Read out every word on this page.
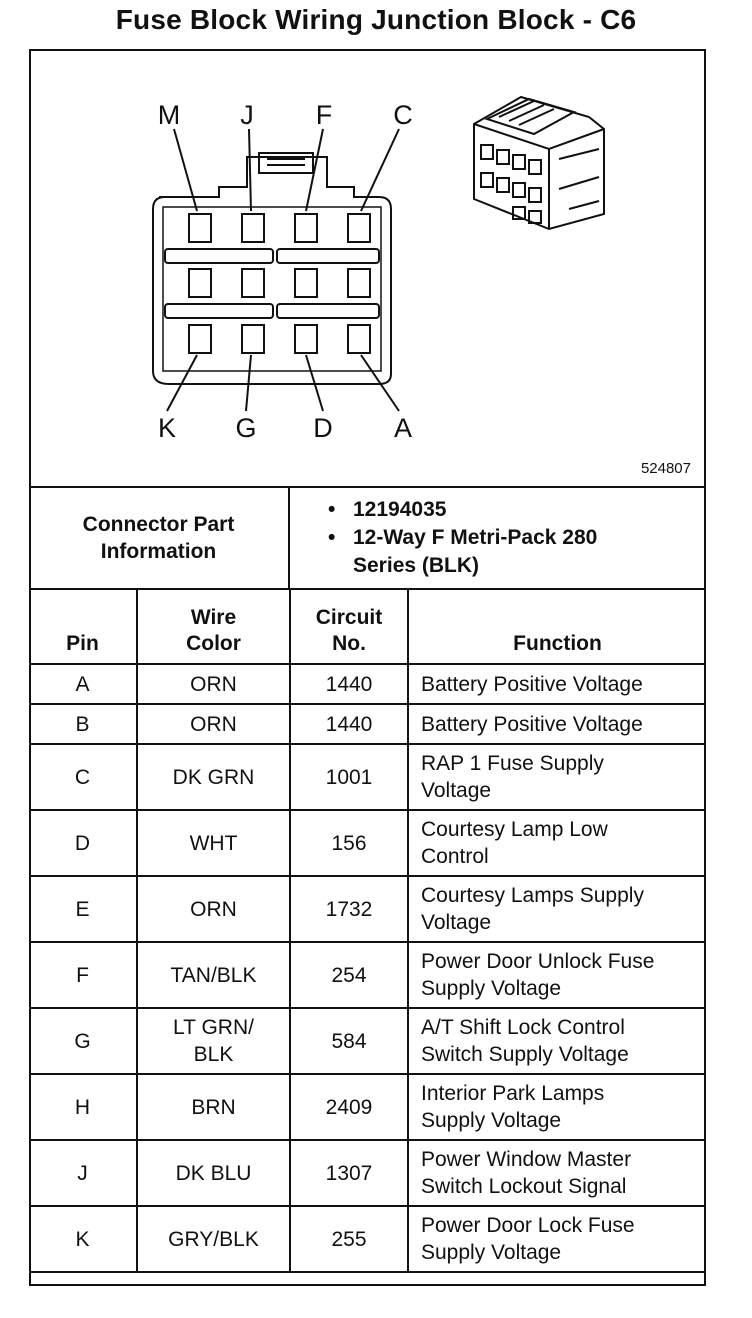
Fuse Block Wiring Junction Block - C6
M J F C
K G D A
524807
Connector Part Information
• 12194035
• 12-Way F Metri-Pack 280 Series (BLK)
Pin	Wire Color	Circuit No.	Function
A	ORN	1440	Battery Positive Voltage
B	ORN	1440	Battery Positive Voltage
C	DK GRN	1001	RAP 1 Fuse Supply Voltage

D	WHT	156	Courtesy Lamp Low Control

E	ORN	1732	Courtesy Lamps Supply Voltage

F	TAN/BLK	254	Power Door Unlock Fuse Supply Voltage

G	LT GRN/ BLK	584	A/T Shift Lock Control Switch Supply Voltage

H	BRN	2409	Interior Park Lamps Supply Voltage

J	DK BLU	1307	Power Window Master Switch Lockout Signal

K	GRY/BLK	255	Power Door Lock Fuse Supply Voltage
